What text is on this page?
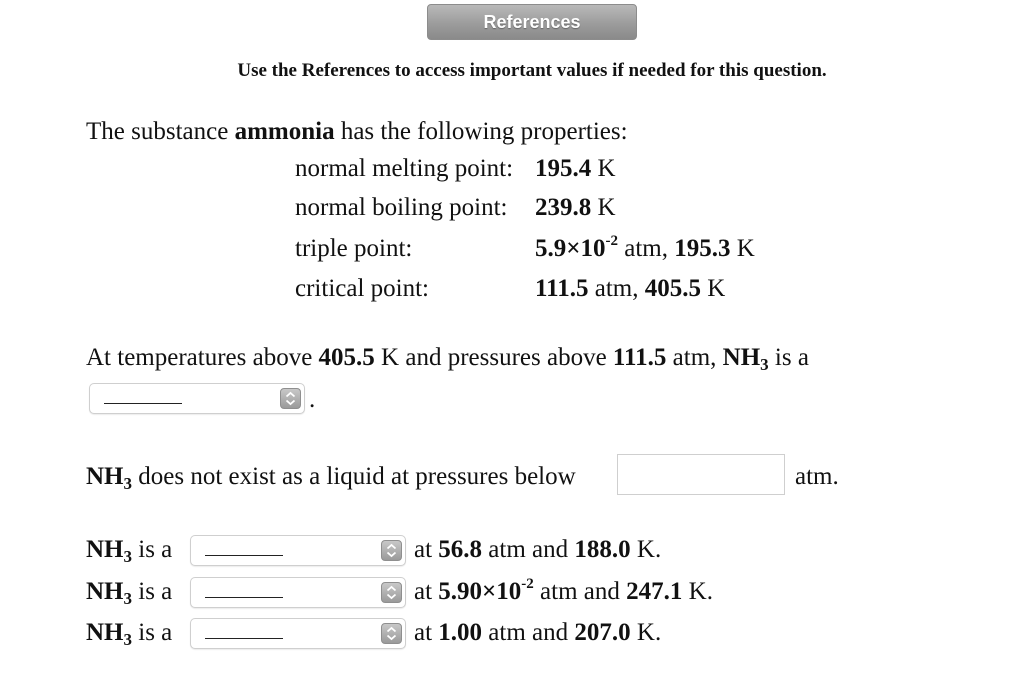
References
Use the References to access important values if needed for this question.
The substance ammonia has the following properties:
normal melting point: 195.4 K
normal boiling point: 239.8 K
triple point:	$5.9\times 10^{-2}$ atm, 195.3 K
critical point:	111.5 atm, 405.5 K
At temperatures above 405.5 K and pressures above 111.5 atm, $NH_3$ is a
.
$NH_3$ does not exist as a liquid at pressures below	atm.
$NH_3$ is a	at 56.8 atm and 188.0 K.
$NH_3$ is a	at $5.90\times 10^{-2}$ atm and 247.1 K.
$NH_3$ is a	at 1.00 atm and 207.0 K.
